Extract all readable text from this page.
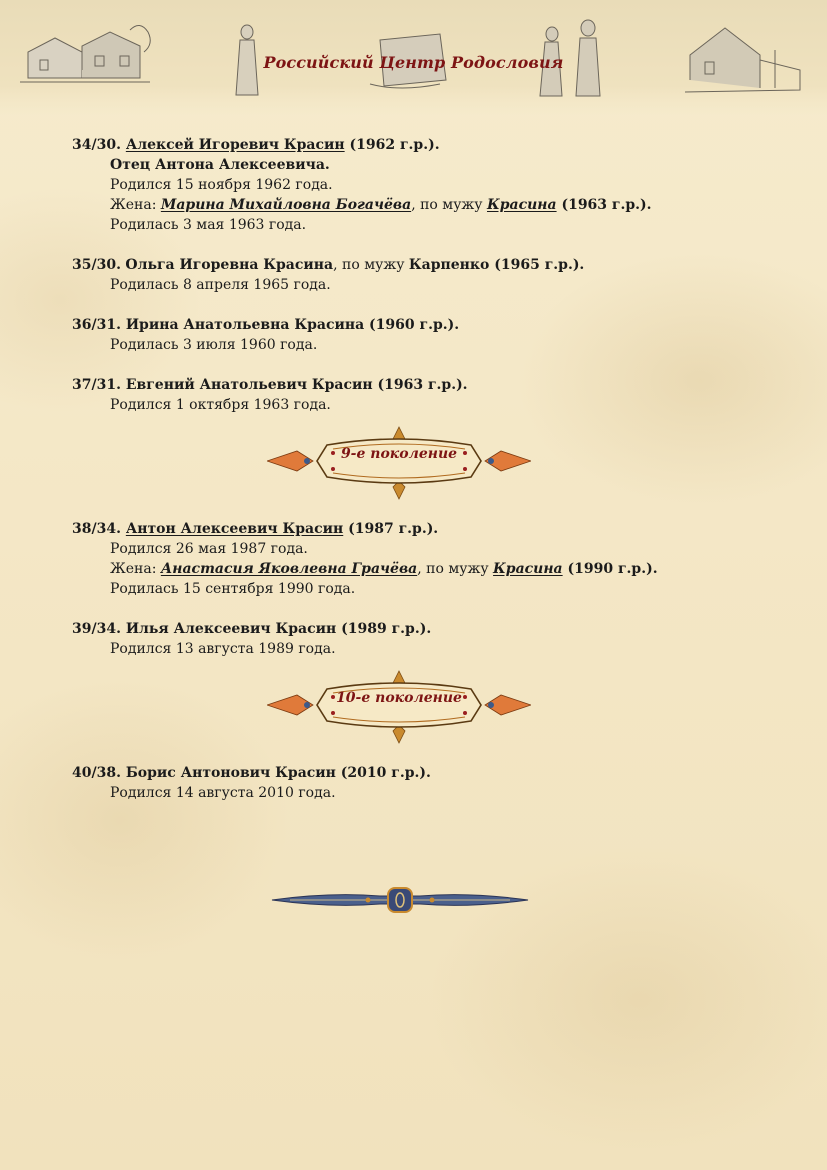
Российский Центр Родословия
34/30. Алексей Игоревич Красин (1962 г.р.).
Отец Антона Алексеевича.
Родился 15 ноября 1962 года.
Жена: Марина Михайловна Богачёва, по мужу Красина (1963 г.р.).
Родилась 3 мая 1963 года.
35/30. Ольга Игоревна Красина, по мужу Карпенко (1965 г.р.).
Родилась 8 апреля 1965 года.
36/31. Ирина Анатольевна Красина (1960 г.р.).
Родилась 3 июля 1960 года.
37/31. Евгений Анатольевич Красин (1963 г.р.).
Родился 1 октября 1963 года.
9-е поколение
38/34. Антон Алексеевич Красин (1987 г.р.).
Родился 26 мая 1987 года.
Жена: Анастасия Яковлевна Грачёва, по мужу Красина (1990 г.р.).
Родилась 15 сентября 1990 года.
39/34. Илья Алексеевич Красин (1989 г.р.).
Родился 13 августа 1989 года.
10-е поколение
40/38. Борис Антонович Красин (2010 г.р.).
Родился 14 августа 2010 года.
